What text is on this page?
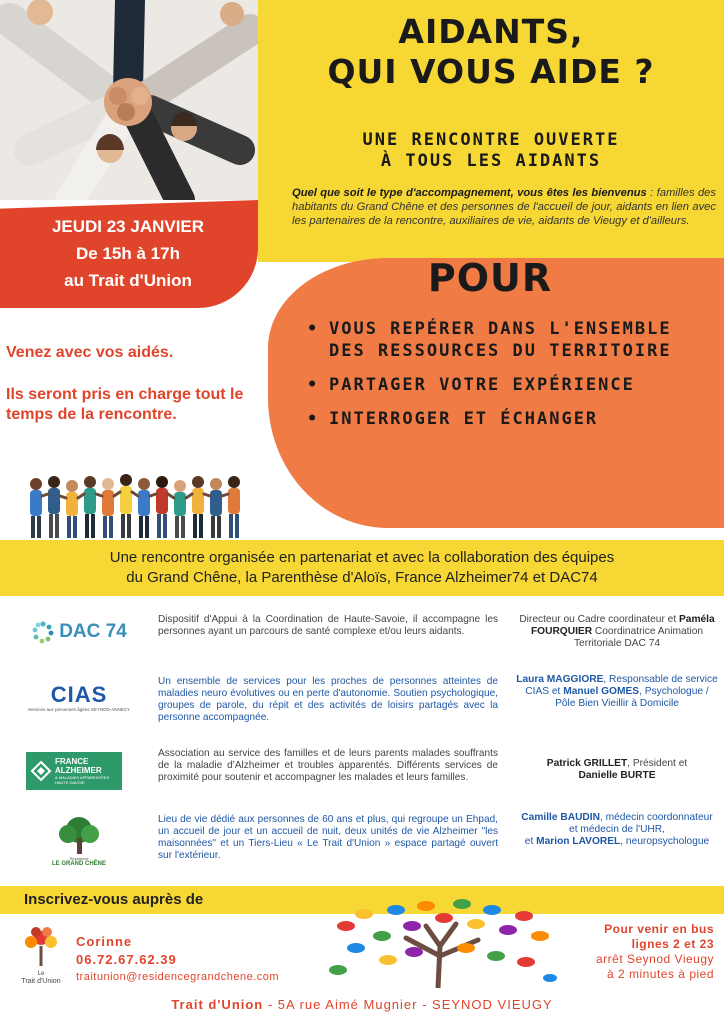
AIDANTS,
QUI VOUS AIDE ?
UNE RENCONTRE OUVERTE
À TOUS LES AIDANTS
Quel que soit le type d'accompagnement, vous êtes les bienvenus : familles des habitants du Grand Chêne et des personnes de l'accueil de jour, aidants en lien avec les partenaires de la rencontre, auxiliaires de vie, aidants de Vieugy et d'ailleurs.
JEUDI 23 JANVIER
De 15h à 17h
au Trait d'Union	POUR
• VOUS REPÉRER DANS L'ENSEMBLE DES RESSOURCES DU TERRITOIRE
• PARTAGER VOTRE EXPÉRIENCE
• INTERROGER ET ÉCHANGER
Venez avec vos aidés.
Ils seront pris en charge tout le temps de la rencontre.
Une rencontre organisée en partenariat et avec la collaboration des équipes
du Grand Chêne, la Parenthèse d'Aloïs, France Alzheimer74 et DAC74
DAC 74
Dispositif d'Appui à la Coordination de Haute-Savoie, il accompagne les personnes ayant un parcours de santé complexe et/ou leurs aidants.
Directeur ou Cadre coordinateur et Paméla FOURQUIER Coordinatrice Animation Territoriale DAC 74
CIAS
Services aux personnes âgées SEYNOD-ANNECY
Un ensemble de services pour les proches de personnes atteintes de maladies neuro évolutives ou en perte d'autonomie. Soutien psychologique, groupes de parole, du répit et des activités de loisirs partagés avec la personne accompagnée.
Laura MAGGIORE, Responsable de service CIAS et Manuel GOMES, Psychologue / Pôle Bien Vieillir à Domicile
FRANCE
ALZHEIMER
& MALADIES APPARENTÉES
HAUTE-SAVOIE
Association au service des familles et de leurs parents malades souffrants de la maladie d'Alzheimer et troubles apparentés. Différents services de proximité pour soutenir et accompagner les malades et leurs familles.
Patrick GRILLET, Président et
Danielle BURTE
Résidence
LE GRAND CHÊNE
Lieu de vie dédié aux personnes de 60 ans et plus, qui regroupe un Ehpad, un accueil de jour et un accueil de nuit, deux unités de vie Alzheimer "les maisonnées" et un Tiers-Lieu « Le Trait d'Union » espace partagé ouvert sur l'extérieur.
Camille BAUDIN, médecin coordonnateur et médecin de l'UHR,
et Marion LAVOREL, neuropsychologue
Inscrivez-vous auprès de
Le
Trait d'Union
Corinne
06.72.67.62.39
traitunion@residencegrandchene.com
Pour venir en bus
lignes 2 et 23
arrêt Seynod Vieugy
à 2 minutes à pied
Trait d'Union - 5A rue Aimé Mugnier - SEYNOD VIEUGY
